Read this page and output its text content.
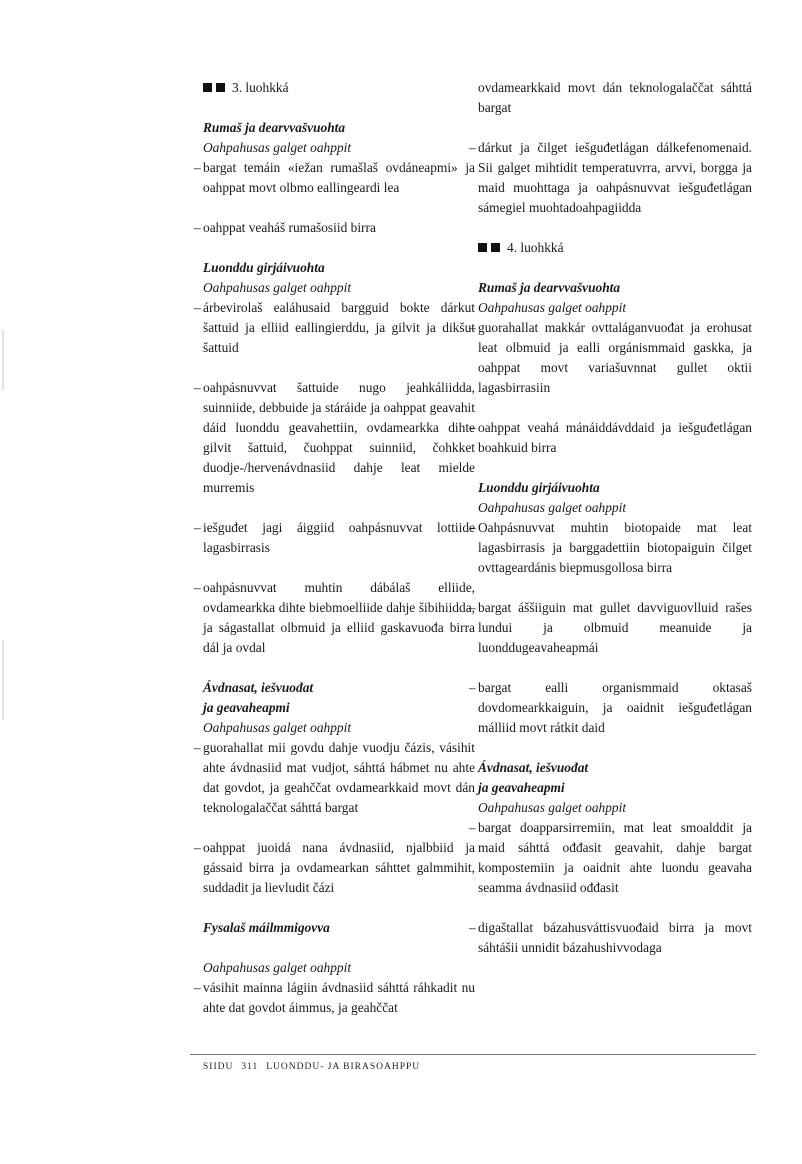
3. luohkká

Rumaš ja dearvvašvuohta

Oahpahusas galget oahppit

– bargat temáin «iežan rumašlaš ovdáneapmi» ja oahppat movt olbmo eallingeardi lea

– oahppat veaháš rumašosiid birra

Luonddu girjáivuohta

Oahpahusas galget oahppit

– árbevirolaš ealáhusaid bargguid bokte dárkut šattuid ja elliid eallingierddu, ja gilvit ja dikšut šattuid

– oahpásnuvvat šattuide nugo jeahkáliidda, suinniide, debbuide ja stáráide ja oahppat geavahit dáid luonddu geavahettiin, ovdamearkka dihte gilvit šattuid, čuohppat suinniid, čohkket duodje-/hervenávdnasiid dahje leat mielde murremis

– iešguđet jagi áiggiid oahpásnuvvat lottiide lagasbirrasis

– oahpásnuvvat muhtin dábálaš elliide, ovdamearkka dihte biebmoelliide dahje šibihiidda, ja ságastallat olbmuid ja elliid gaskavuođa birra dál ja ovdal

Ávdnasat, iešvuođat

ja geavaheapmi

Oahpahusas galget oahppit

– guorahallat mii govdu dahje vuodju čázis, vásihit ahte ávdnasiid mat vudjot, sáhttá hábmet nu ahte dat govdot, ja geahččat ovdamearkkaid movt dán teknologalaččat sáhttá bargat

– oahppat juoidá nana ávdnasiid, njalbbiid ja gássaid birra ja ovdamearkan sáhttet galmmihit, suddadit ja lievludit čázi

Fysalaš máilmmigovva

Oahpahusas galget oahppit

– vásihit mainna lágiin ávdnasiid sáhttá ráhkadit nu ahte dat govdot áimmus, ja geahččat

ovdamearkkaid movt dán teknologalaččat sáhttá bargat

– dárkut ja čilget iešguđetlágan dálkefenomenaid. Sii galget mihtidit temperatuvrra, arvvi, borgga ja maid muohttaga ja oahpásnuvvat iešguđetlágan sámegiel muohtadoahpagiidda

4. luohkká

Rumaš ja dearvvašvuohta

Oahpahusas galget oahppit

– guorahallat makkár ovttaláganvuođat ja erohusat leat olbmuid ja ealli orgánismmaid gaskka, ja oahppat movt variašuvnnat gullet oktii lagasbirrasiin

– oahppat veahá mánáiddávddaid ja iešguđetlágan boahkuid birra

Luonddu girjáivuohta

Oahpahusas galget oahppit

– Oahpásnuvvat muhtin biotopaide mat leat lagasbirrasis ja barggadettiin biotopaiguin čilget ovttageardánis biepmusgollosa birra

– bargat áššiiguin mat gullet davviguovlluid rašes lundui ja olbmuid meanuide ja luonddugeavaheapmái

– bargat ealli organismmaid oktasaš dovdomearkkaiguin, ja oaidnit iešguđetlágan málliid movt rátkit daid

Ávdnasat, iešvuođat

ja geavaheapmi

Oahpahusas galget oahppit

– bargat doapparsirremiin, mat leat smoalddit ja maid sáhttá ođđasit geavahit, dahje bargat kompostemiin ja oaidnit ahte luondu geavaha seamma ávdnasiid ođđasit

– digaštallat bázahusváttisvuođaid birra ja movt sáhtášii unnidit bázahushivvodaga

SIIDU 311 LUONDDU- JA BIRASOAHPPU
